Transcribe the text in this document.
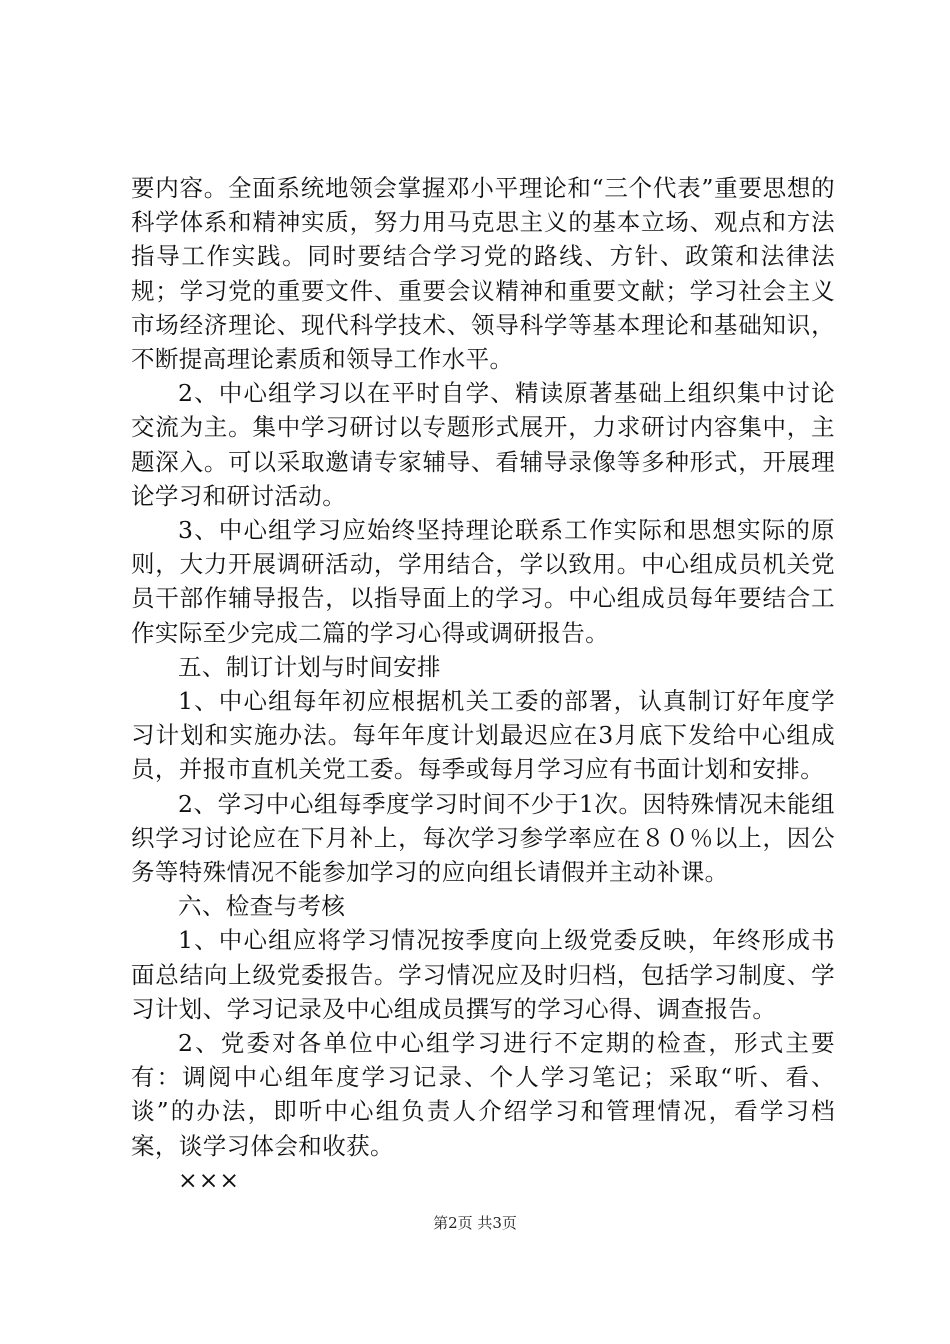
要内容。全面系统地领会掌握邓小平理论和“三个代表”重要思想的科学体系和精神实质，努力用马克思主义的基本立场、观点和方法指导工作实践。同时要结合学习党的路线、方针、政策和法律法规；学习党的重要文件、重要会议精神和重要文献；学习社会主义市场经济理论、现代科学技术、领导科学等基本理论和基础知识，不断提高理论素质和领导工作水平。

2、中心组学习以在平时自学、精读原著基础上组织集中讨论交流为主。集中学习研讨以专题形式展开，力求研讨内容集中，主题深入。可以采取邀请专家辅导、看辅导录像等多种形式，开展理论学习和研讨活动。

3、中心组学习应始终坚持理论联系工作实际和思想实际的原则，大力开展调研活动，学用结合，学以致用。中心组成员机关党员干部作辅导报告，以指导面上的学习。中心组成员每年要结合工作实际至少完成二篇的学习心得或调研报告。

五、制订计划与时间安排

1、中心组每年初应根据机关工委的部署，认真制订好年度学习计划和实施办法。每年年度计划最迟应在3月底下发给中心组成员，并报市直机关党工委。每季或每月学习应有书面计划和安排。

2、学习中心组每季度学习时间不少于1次。因特殊情况未能组织学习讨论应在下月补上，每次学习参学率应在８０％以上，因公务等特殊情况不能参加学习的应向组长请假并主动补课。

六、检查与考核

1、中心组应将学习情况按季度向上级党委反映，年终形成书面总结向上级党委报告。学习情况应及时归档，包括学习制度、学习计划、学习记录及中心组成员撰写的学习心得、调查报告。

2、党委对各单位中心组学习进行不定期的检查，形式主要有：调阅中心组年度学习记录、个人学习笔记；采取“听、看、谈”的办法，即听中心组负责人介绍学习和管理情况，看学习档案，谈学习体会和收获。

×××

第2页 共3页
